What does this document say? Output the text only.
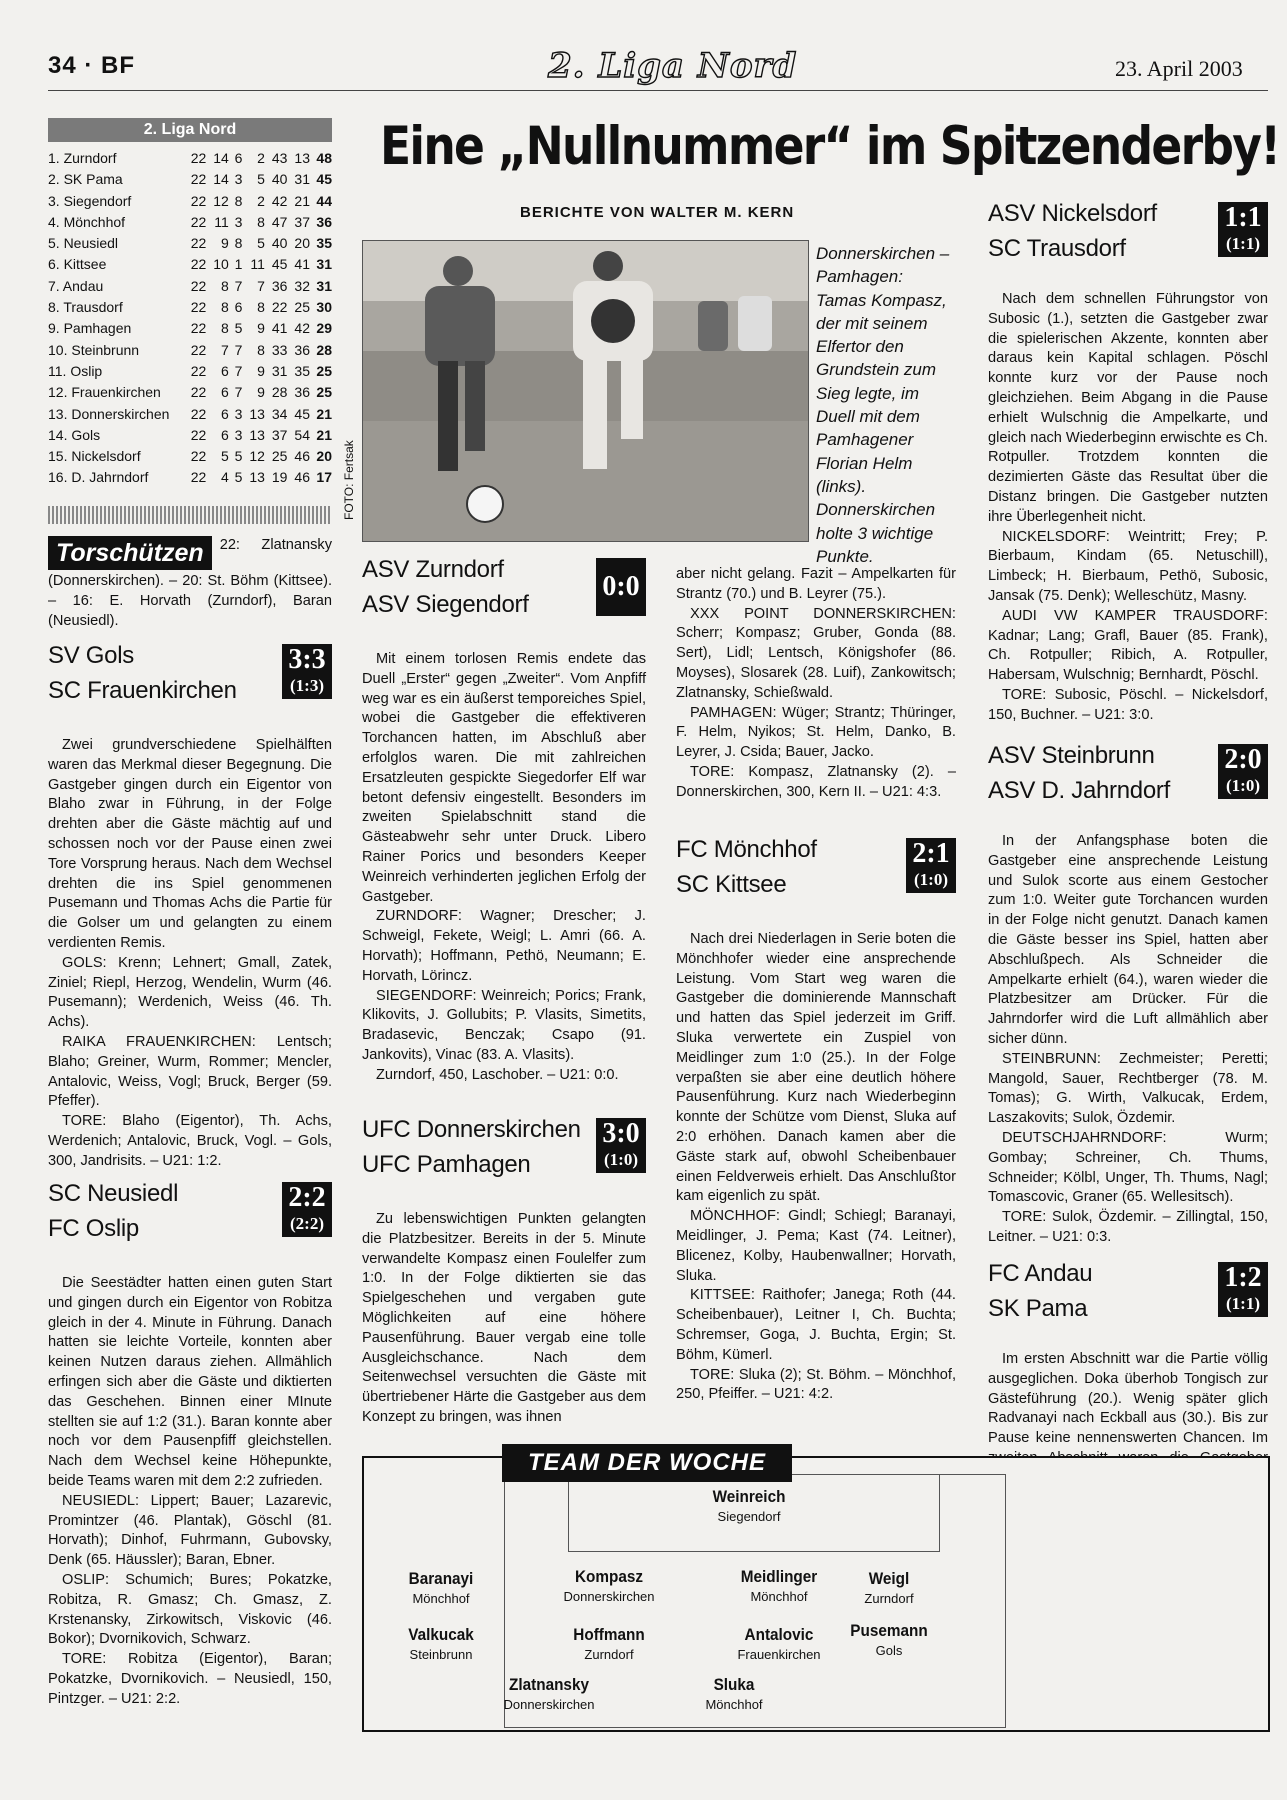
34 · BF	2. Liga Nord	23. April 2003
2. Liga Nord
1. Zurndorf	22	14	6	2	43	13	48
2. SK Pama	22	14	3	5	40	31	45
3. Siegendorf	22	12	8	2	42	21	44
4. Mönchhof	22	11	3	8	47	37	36
5. Neusiedl	22	9	8	5	40	20	35
6. Kittsee	22	10	1	11	45	41	31
7. Andau	22	8	7	7	36	32	31
8. Trausdorf	22	8	6	8	22	25	30
9. Pamhagen	22	8	5	9	41	42	29
10. Steinbrunn	22	7	7	8	33	36	28
11. Oslip	22	6	7	9	31	35	25
12. Frauenkirchen	22	6	7	9	28	36	25
13. Donnerskirchen	22	6	3	13	34	45	21
14. Gols	22	6	3	13	37	54	21
15. Nickelsdorf	22	5	5	12	25	46	20
16. D. Jahrndorf	22	4	5	13	19	46	17
Torschützen	22: Zlatnansky (Donnerskirchen). – 20: St. Böhm (Kittsee). – 16: E. Horvath (Zurndorf), Baran (Neusiedl).
SV Gols
SC Frauenkirchen
3:3
(1:3)

Zwei grundverschiedene Spielhälften waren das Merkmal dieser Begegnung. Die Gastgeber gingen durch ein Eigentor von Blaho zwar in Führung, in der Folge drehten aber die Gäste mächtig auf und schossen noch vor der Pause einen zwei Tore Vorsprung heraus. Nach dem Wechsel drehten die ins Spiel genommenen Pusemann und Thomas Achs die Partie für die Golser um und gelangten zu einem verdienten Remis.

GOLS: Krenn; Lehnert; Gmall, Zatek, Ziniel; Riepl, Herzog, Wendelin, Wurm (46. Pusemann); Werdenich, Weiss (46. Th. Achs).

RAIKA FRAUENKIRCHEN: Lentsch; Blaho; Greiner, Wurm, Rommer; Mencler, Antalovic, Weiss, Vogl; Bruck, Berger (59. Pfeffer).

TORE: Blaho (Eigentor), Th. Achs, Werdenich; Antalovic, Bruck, Vogl. – Gols, 300, Jandrisits. – U21: 1:2.

SC Neusiedl
FC Oslip
2:2
(2:2)

Die Seestädter hatten einen guten Start und gingen durch ein Eigentor von Robitza gleich in der 4. Minute in Führung. Danach hatten sie leichte Vorteile, konnten aber keinen Nutzen daraus ziehen. Allmählich erfingen sich aber die Gäste und diktierten das Geschehen. Binnen einer MInute stellten sie auf 1:2 (31.). Baran konnte aber noch vor dem Pausenpfiff gleichstellen. Nach dem Wechsel keine Höhepunkte, beide Teams waren mit dem 2:2 zufrieden.

NEUSIEDL: Lippert; Bauer; Lazarevic, Promintzer (46. Plantak), Göschl (81. Horvath); Dinhof, Fuhrmann, Gubovsky, Denk (65. Häussler); Baran, Ebner.

OSLIP: Schumich; Bures; Pokatzke, Robitza, R. Gmasz; Ch. Gmasz, Z. Krstenansky, Zirkowitsch, Viskovic (46. Bokor); Dvornikovich, Schwarz.

TORE: Robitza (Eigentor), Baran; Pokatzke, Dvornikovich. – Neusiedl, 150, Pintzger. – U21: 2:2.

Eine „Nullnummer“ im Spitzenderby!
BERICHTE VON WALTER M. KERN
FOTO: Fertsak
Donnerskirchen – Pamhagen: Tamas Kompasz, der mit seinem Elfertor den Grundstein zum Sieg legte, im Duell mit dem Pamhagener Florian Helm (links). Donnerskirchen holte 3 wichtige Punkte.
ASV Zurndorf
ASV Siegendorf
0:0

Mit einem torlosen Remis endete das Duell „Erster“ gegen „Zweiter“. Vom Anpfiff weg war es ein äußerst temporeiches Spiel, wobei die Gastgeber die effektiveren Torchancen hatten, im Abschluß aber erfolglos waren. Die mit zahlreichen Ersatzleuten gespickte Siegedorfer Elf war betont defensiv eingestellt. Besonders im zweiten Spielabschnitt stand die Gästeabwehr sehr unter Druck. Libero Rainer Porics und besonders Keeper Weinreich verhinderten jeglichen Erfolg der Gastgeber.

ZURNDORF: Wagner; Drescher; J. Schweigl, Fekete, Weigl; L. Amri (66. A. Horvath); Hoffmann, Pethö, Neumann; E. Horvath, Lörincz.

SIEGENDORF: Weinreich; Porics; Frank, Klikovits, J. Gollubits; P. Vlasits, Simetits, Bradasevic, Benczak; Csapo (91. Jankovits), Vinac (83. A. Vlasits).

Zurndorf, 450, Laschober. – U21: 0:0.

UFC Donnerskirchen
UFC Pamhagen
3:0
(1:0)

Zu lebenswichtigen Punkten gelangten die Platzbesitzer. Bereits in der 5. Minute verwandelte Kompasz einen Foulelfer zum 1:0. In der Folge diktierten sie das Spielgeschehen und vergaben gute Möglichkeiten auf eine höhere Pausenführung. Bauer vergab eine tolle Ausgleichschance. Nach dem Seitenwechsel versuchten die Gäste mit übertriebener Härte die Gastgeber aus dem Konzept zu bringen, was ihnen

aber nicht gelang. Fazit – Ampelkarten für Strantz (70.) und B. Leyrer (75.).

XXX POINT DONNERSKIRCHEN: Scherr; Kompasz; Gruber, Gonda (88. Sert), Lidl; Lentsch, Königshofer (86. Moyses), Slosarek (28. Luif), Zankowitsch; Zlatnansky, Schießwald.

PAMHAGEN: Wüger; Strantz; Thüringer, F. Helm, Nyikos; St. Helm, Danko, B. Leyrer, J. Csida; Bauer, Jacko.

TORE: Kompasz, Zlatnansky (2). – Donnerskirchen, 300, Kern II. – U21: 4:3.

FC Mönchhof
SC Kittsee
2:1
(1:0)

Nach drei Niederlagen in Serie boten die Mönchhofer wieder eine ansprechende Leistung. Vom Start weg waren die Gastgeber die dominierende Mannschaft und hatten das Spiel jederzeit im Griff. Sluka verwertete ein Zuspiel von Meidlinger zum 1:0 (25.). In der Folge verpaßten sie aber eine deutlich höhere Pausenführung. Kurz nach Wiederbeginn konnte der Schütze vom Dienst, Sluka auf 2:0 erhöhen. Danach kamen aber die Gäste stark auf, obwohl Scheibenbauer einen Feldverweis erhielt. Das Anschlußtor kam eigenlich zu spät.

MÖNCHHOF: Gindl; Schiegl; Baranayi, Meidlinger, J. Pema; Kast (74. Leitner), Blicenez, Kolby, Haubenwallner; Horvath, Sluka.

KITTSEE: Raithofer; Janega; Roth (44. Scheibenbauer), Leitner I, Ch. Buchta; Schremser, Goga, J. Buchta, Ergin; St. Böhm, Kümerl.

TORE: Sluka (2); St. Böhm. – Mönchhof, 250, Pfeiffer. – U21: 4:2.

ASV Nickelsdorf
SC Trausdorf
1:1
(1:1)

Nach dem schnellen Führungstor von Subosic (1.), setzten die Gastgeber zwar die spielerischen Akzente, konnten aber daraus kein Kapital schlagen. Pöschl konnte kurz vor der Pause noch gleichziehen. Beim Abgang in die Pause erhielt Wulschnig die Ampelkarte, und gleich nach Wiederbeginn erwischte es Ch. Rotpuller. Trotzdem konnten die dezimierten Gäste das Resultat über die Distanz bringen. Die Gastgeber nutzten ihre Überlegenheit nicht.

NICKELSDORF: Weintritt; Frey; P. Bierbaum, Kindam (65. Netuschill), Limbeck; H. Bierbaum, Pethö, Subosic, Jansak (75. Denk); Welleschütz, Masny.

AUDI VW KAMPER TRAUSDORF: Kadnar; Lang; Grafl, Bauer (85. Frank), Ch. Rotpuller; Ribich, A. Rotpuller, Habersam, Wulschnig; Bernhardt, Pöschl.

TORE: Subosic, Pöschl. – Nickelsdorf, 150, Buchner. – U21: 3:0.

ASV Steinbrunn
ASV D. Jahrndorf
2:0
(1:0)

In der Anfangsphase boten die Gastgeber eine ansprechende Leistung und Sulok scorte aus einem Gestocher zum 1:0. Weiter gute Torchancen wurden in der Folge nicht genutzt. Danach kamen die Gäste besser ins Spiel, hatten aber Abschlußpech. Als Schneider die Ampelkarte erhielt (64.), waren wieder die Platzbesitzer am Drücker. Für die Jahrndorfer wird die Luft allmählich aber sicher dünn.

STEINBRUNN: Zechmeister; Peretti; Mangold, Sauer, Rechtberger (78. M. Tomas); G. Wirth, Valkucak, Erdem, Laszakovits; Sulok, Özdemir.

DEUTSCHJAHRNDORF: Wurm; Gombay; Schreiner, Ch. Thums, Schneider; Kölbl, Unger, Th. Thums, Nagl; Tomascovic, Graner (65. Wellesitsch).

TORE: Sulok, Özdemir. – Zillingtal, 150, Leitner. – U21: 0:3.

FC Andau
SK Pama
1:2
(1:1)

Im ersten Abschnitt war die Partie völlig ausgeglichen. Doka überhob Tongisch zur Gästeführung (20.). Wenig später glich Radvanayi nach Eckball aus (30.). Bis zur Pause keine nennenswerten Chancen. Im

Weinreich
Siegendorf
Baranayi
Mönchhof
Kompasz
Donnerskirchen
Meidlinger
Mönchhof
Weigl
Zurndorf
Valkucak
Steinbrunn
Hoffmann
Zurndorf
Antalovic
Frauenkirchen
Pusemann
Gols
Zlatnansky
Donnerskirchen
Sluka
Mönchhof
TEAM DER WOCHE
